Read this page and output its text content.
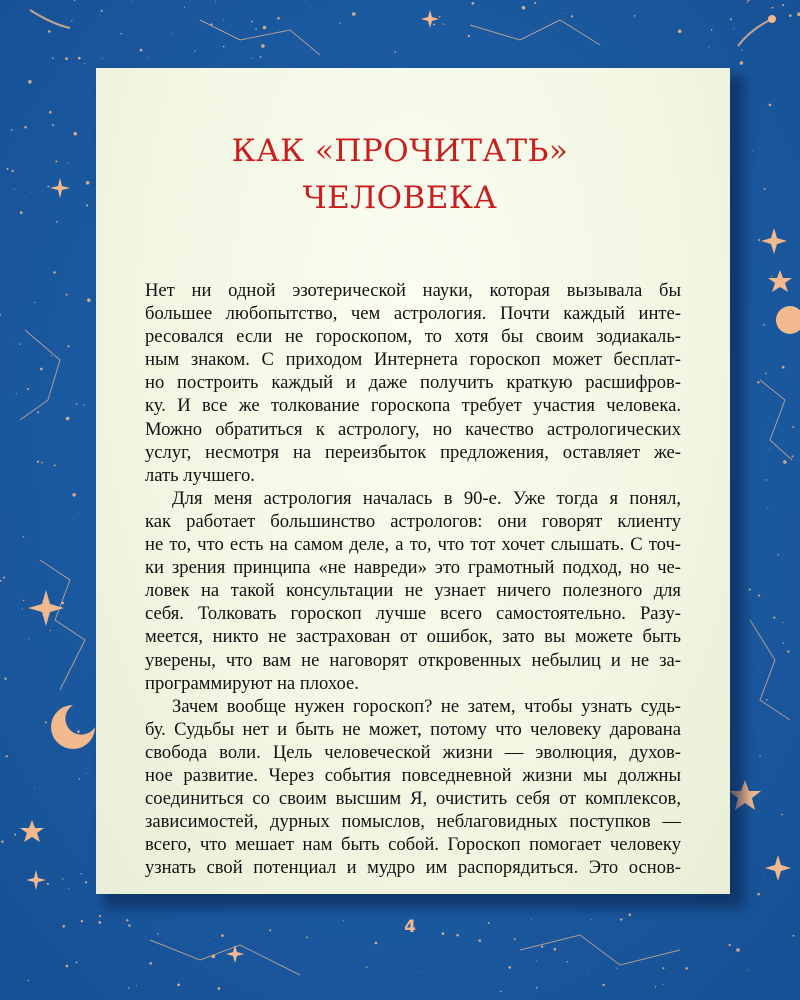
КАК «ПРОЧИТАТЬ»
ЧЕЛОВЕКА
Нет ни одной эзотерической науки, которая вызывала бы
большее любопытство, чем астрология. Почти каждый инте-
ресовался если не гороскопом, то хотя бы своим зодиакаль-
ным знаком. С приходом Интернета гороскоп может бесплат-
но построить каждый и даже получить краткую расшифров-
ку. И все же толкование гороскопа требует участия человека.
Можно обратиться к астрологу, но качество астрологических
услуг, несмотря на переизбыток предложения, оставляет же-
лать лучшего.
Для меня астрология началась в 90-е. Уже тогда я понял,
как работает большинство астрологов: они говорят клиенту
не то, что есть на самом деле, а то, что тот хочет слышать. С точ-
ки зрения принципа «не навреди» это грамотный подход, но че-
ловек на такой консультации не узнает ничего полезного для
себя. Толковать гороскоп лучше всего самостоятельно. Разу-
меется, никто не застрахован от ошибок, зато вы можете быть
уверены, что вам не наговорят откровенных небылиц и не за-
программируют на плохое.
Зачем вообще нужен гороскоп? не затем, чтобы узнать судь-
бу. Судьбы нет и быть не может, потому что человеку дарована
свобода воли. Цель человеческой жизни — эволюция, духов-
ное развитие. Через события повседневной жизни мы должны
соединиться со своим высшим Я, очистить себя от комплексов,
зависимостей, дурных помыслов, неблаговидных поступков —
всего, что мешает нам быть собой. Гороскоп помогает человеку
узнать свой потенциал и мудро им распорядиться. Это основ-
4
